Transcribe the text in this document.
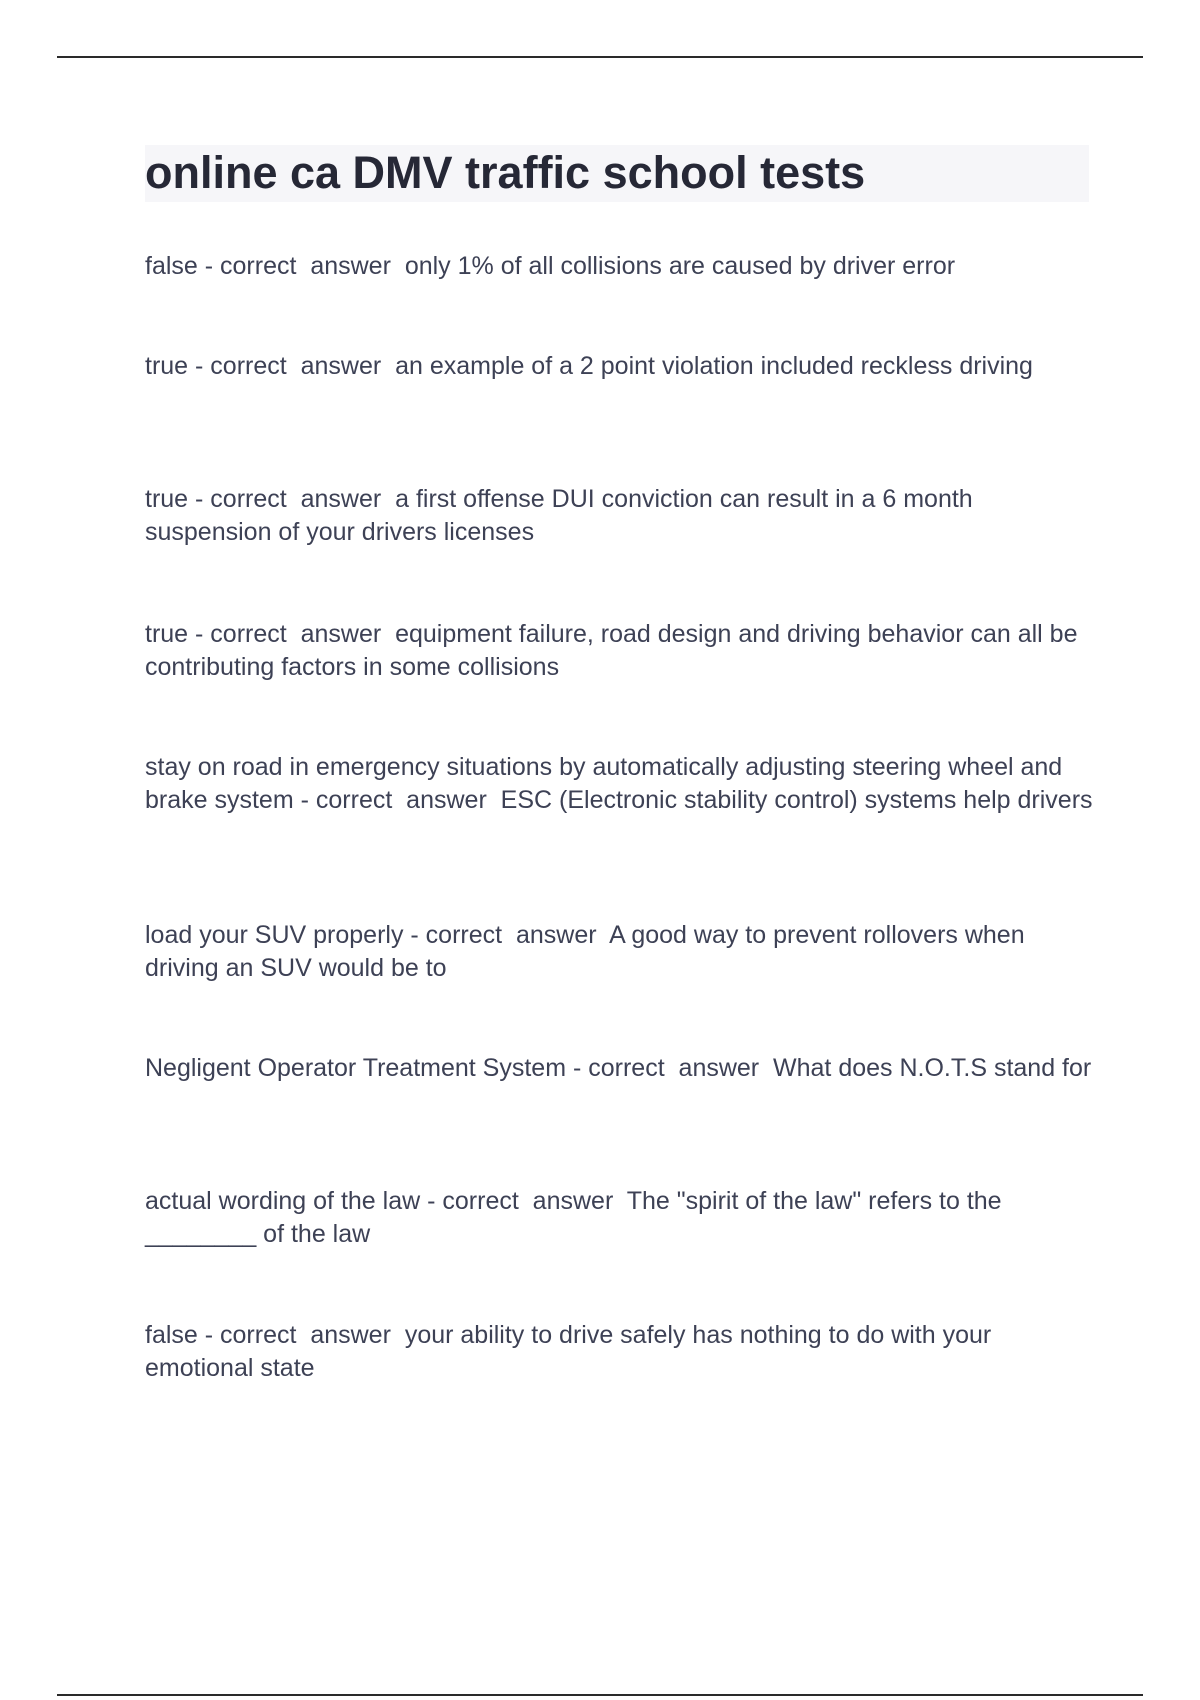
online ca DMV traffic school tests
false - correct  answer  only 1% of all collisions are caused by driver error
true - correct  answer  an example of a 2 point violation included reckless driving
true - correct  answer  a first offense DUI conviction can result in a 6 month suspension of your drivers licenses
true - correct  answer  equipment failure, road design and driving behavior can all be contributing factors in some collisions
stay on road in emergency situations by automatically adjusting steering wheel and brake system - correct  answer  ESC (Electronic stability control) systems help drivers
load your SUV properly - correct  answer  A good way to prevent rollovers when driving an SUV would be to
Negligent Operator Treatment System - correct  answer  What does N.O.T.S stand for
actual wording of the law - correct  answer  The "spirit of the law" refers to the ________ of the law
false - correct  answer  your ability to drive safely has nothing to do with your emotional state
